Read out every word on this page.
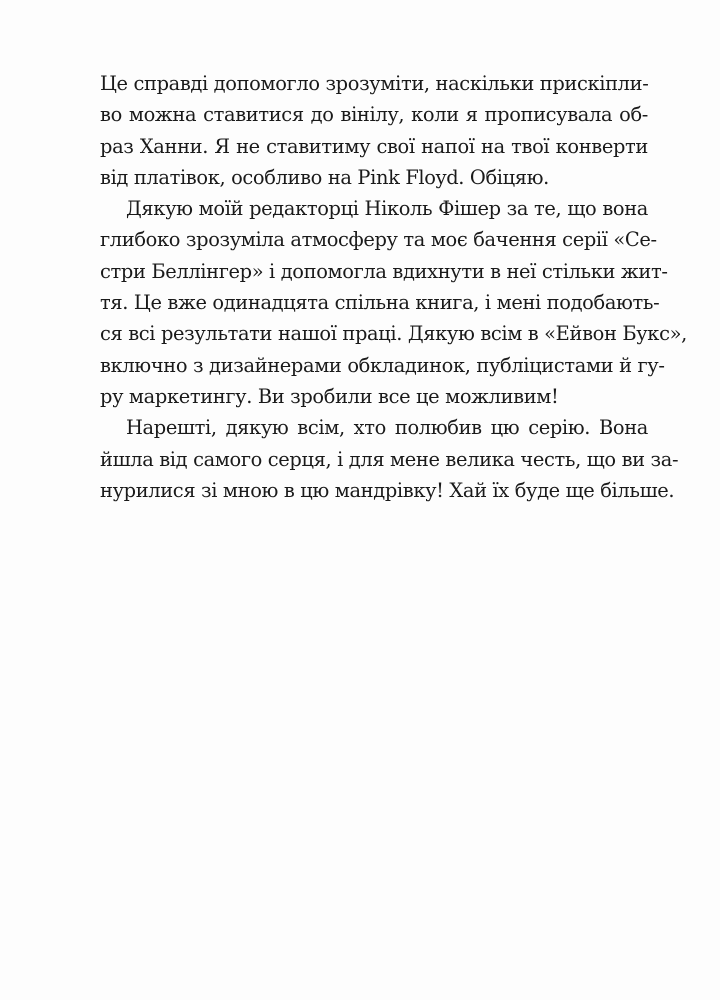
Це справді допомогло зрозуміти, наскільки прискіпли-
во можна ставитися до вінілу, коли я прописувала об-
раз Ханни. Я не ставитиму свої напої на твої конверти
від платівок, особливо на Pink Floyd. Обіцяю.
Дякую моїй редакторці Ніколь Фішер за те, що вона
глибоко зрозуміла атмосферу та моє бачення серії «Се-
стри Беллінгер» і допомогла вдихнути в неї стільки жит-
тя. Це вже одинадцята спільна книга, і мені подобають-
ся всі результати нашої праці. Дякую всім в «Ейвон Букс»,
включно з дизайнерами обкладинок, публіцистами й гу-
ру маркетингу. Ви зробили все це можливим!
Нарешті, дякую всім, хто полюбив цю серію. Вона
йшла від самого серця, і для мене велика честь, що ви за-
нурилися зі мною в цю мандрівку! Хай їх буде ще більше.
